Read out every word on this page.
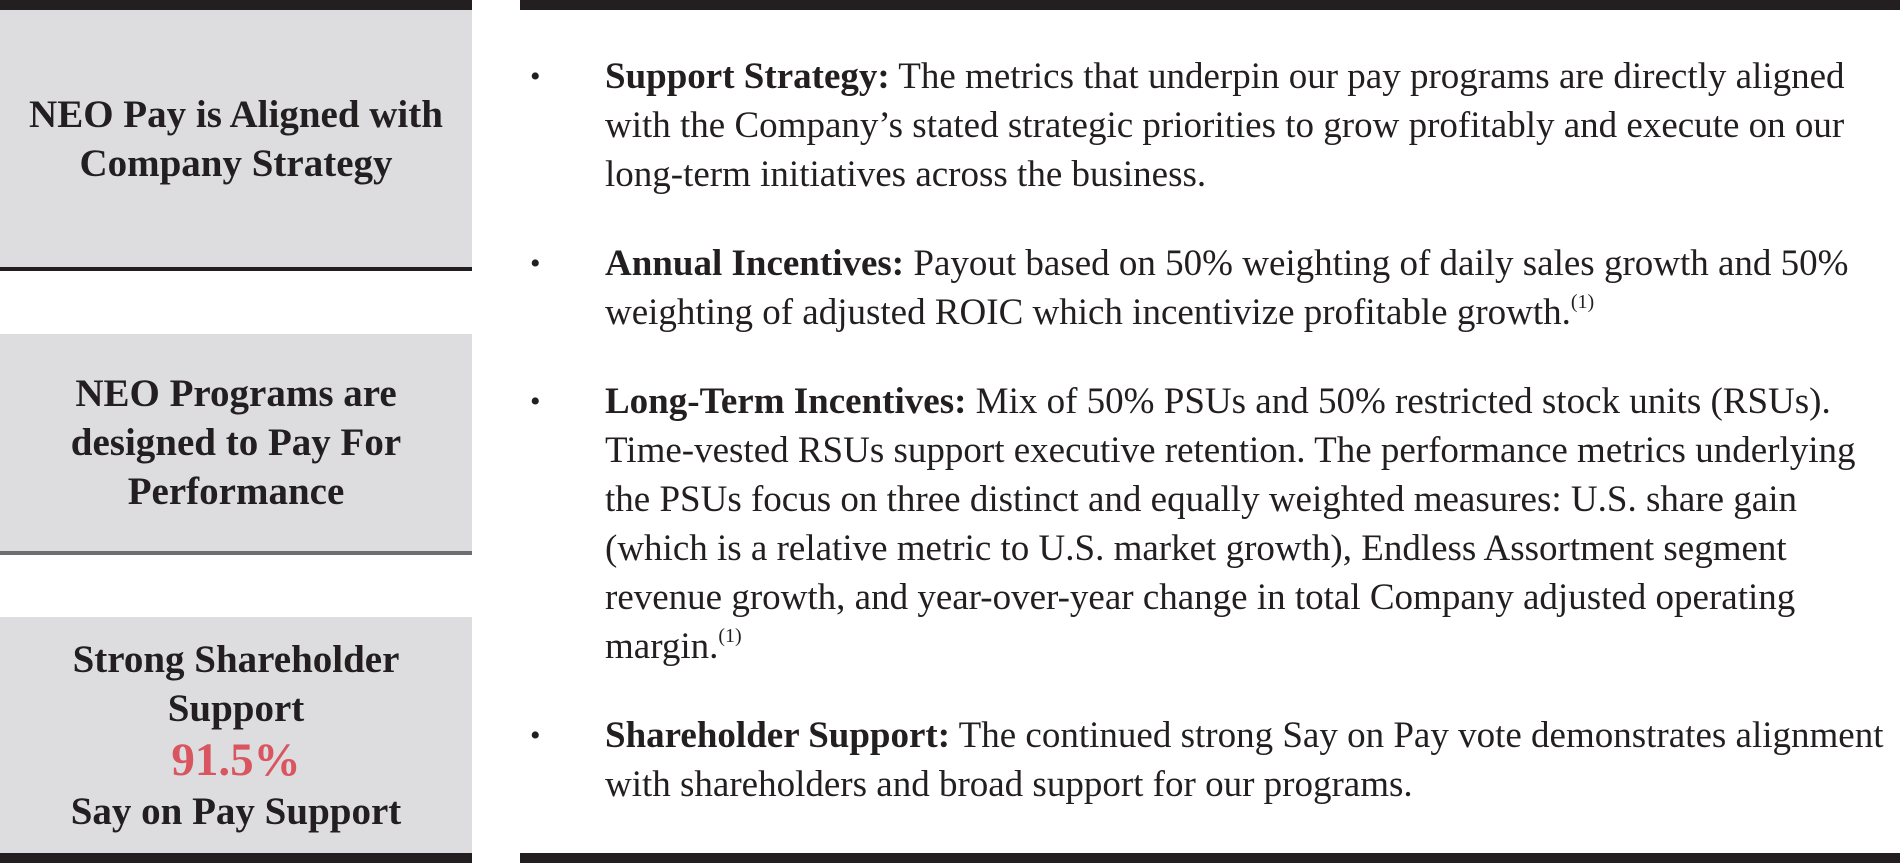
NEO Pay is Aligned with Company Strategy
NEO Programs are designed to Pay For Performance
Strong Shareholder Support
91.5%
Say on Pay Support
• Support Strategy: The metrics that underpin our pay programs are directly aligned with the Company’s stated strategic priorities to grow profitably and execute on our long-term initiatives across the business.
• Annual Incentives: Payout based on 50% weighting of daily sales growth and 50% weighting of adjusted ROIC which incentivize profitable growth.$^{(1)}$
• Long-Term Incentives: Mix of 50% PSUs and 50% restricted stock units (RSUs). Time-vested RSUs support executive retention. The performance metrics underlying the PSUs focus on three distinct and equally weighted measures: U.S. share gain (which is a relative metric to U.S. market growth), Endless Assortment segment revenue growth, and year-over-year change in total Company adjusted operating margin.$^{(1)}$
• Shareholder Support: The continued strong Say on Pay vote demonstrates alignment with shareholders and broad support for our programs.
